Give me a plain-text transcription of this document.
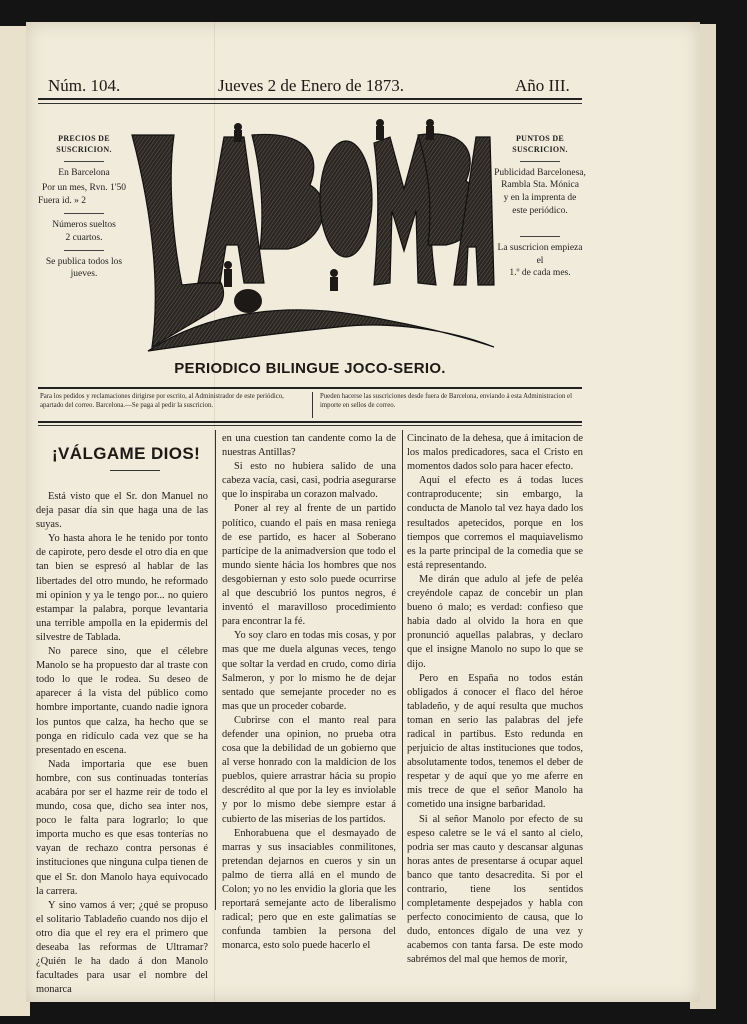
Núm. 104.	Jueves 2 de Enero de 1873.	Año III.
PRECIOS DE SUSCRICION.
En Barcelona
Por un mes, Rvn. 1'50
Fuera id. » 2
Números sueltos
2 cuartos.
Se publica todos los
jueves.
PUNTOS DE SUSCRICION.
Publicidad Barcelonesa,
Rambla Sta. Mónica
y en la imprenta de
este periódico.
La suscricion empieza el
1.º de cada mes.
PERIODICO BILINGUE JOCO-SERIO.
Para los pedidos y reclamaciones dirigirse por escrito, al Administrador de este periódico, apartado del correo. Barcelona.—Se paga al pedir la suscricion.
Pueden hacerse las suscriciones desde fuera de Barcelona, enviando á esta Administracion el importe en sellos de correo.
¡VÁLGAME DIOS!

Está visto que el Sr. don Manuel no deja pasar día sin que haga una de las suyas.

Yo hasta ahora le he tenido por tonto de capirote, pero desde el otro dia en que tan bien se espresó al hablar de las libertades del otro mundo, he reformado mi opinion y ya le tengo por... no quiero estampar la palabra, porque levantaria una terrible ampolla en la epidermis del silvestre de Tablada.

No parece sino, que el célebre Manolo se ha propuesto dar al traste con todo lo que le rodea. Su deseo de aparecer á la vista del público como hombre importante, cuando nadie ignora los puntos que calza, ha hecho que se ponga en ridículo cada vez que se ha presentado en escena.

Nada importaria que ese buen hombre, con sus continuadas tonterías acabára por ser el hazme reir de todo el mundo, cosa que, dicho sea inter nos, poco le falta para lograrlo; lo que importa mucho es que esas tonterías no vayan de rechazo contra personas é instituciones que ninguna culpa tienen de que el Sr. don Manolo haya equivocado la carrera.

Y sino vamos á ver; ¿qué se propuso el solitario Tabladeño cuando nos dijo el otro dia que el rey era el primero que deseaba las reformas de Ultramar? ¿Quién le ha dado á don Manolo facultades para usar el nombre del monarca

en una cuestion tan candente como la de nuestras Antillas?

Si esto no hubiera salido de una cabeza vacía, casi, casi, podria asegurarse que lo inspiraba un corazon malvado.

Poner al rey al frente de un partido político, cuando el país en masa reniega de ese partido, es hacer al Soberano partícipe de la animadversion que todo el mundo siente hácia los hombres que nos desgobiernan y esto solo puede ocurrirse al que descubrió los puntos negros, é inventó el maravilloso procedimiento para encontrar la fé.

Yo soy claro en todas mis cosas, y por mas que me duela algunas veces, tengo que soltar la verdad en crudo, como diria Salmeron, y por lo mismo he de dejar sentado que semejante proceder no es mas que un proceder cobarde.

Cubrirse con el manto real para defender una opinion, no prueba otra cosa que la debilidad de un gobierno que al verse honrado con la maldicion de los pueblos, quiere arrastrar hácia su propio descrédito al que por la ley es inviolable y por lo mismo debe siempre estar á cubierto de las miserias de los partidos.

Enhorabuena que el desmayado de marras y sus insaciables conmilitones, pretendan dejarnos en cueros y sin un palmo de tierra allá en el mundo de Colon; yo no les envidio la gloria que les reportará semejante acto de liberalismo radical; pero que en este galimatías se confunda tambien la persona del monarca, esto solo puede hacerlo el

Cincinato de la dehesa, que á imitacion de los malos predicadores, saca el Cristo en momentos dados solo para hacer efecto.

Aquí el efecto es á todas luces contraproducente; sin embargo, la conducta de Manolo tal vez haya dado los resultados apetecidos, porque en los tiempos que corremos el maquiavelismo es la parte principal de la comedia que se está representando.

Me dirán que adulo al jefe de peléa creyéndole capaz de concebir un plan bueno ó malo; es verdad: confieso que habia dado al olvido la hora en que pronunció aquellas palabras, y declaro que el insigne Manolo no supo lo que se dijo.

Pero en España no todos están obligados á conocer el flaco del héroe tabladeño, y de aquí resulta que muchos toman en serio las palabras del jefe radical in partibus. Esto redunda en perjuicio de altas instituciones que todos, absolutamente todos, tenemos el deber de respetar y de aquí que yo me aferre en mis trece de que el señor Manolo ha cometido una insigne barbaridad.

Si al señor Manolo por efecto de su espeso caletre se le vá el santo al cielo, podria ser mas cauto y descansar algunas horas antes de presentarse á ocupar aquel banco que tanto desacredita. Si por el contrario, tiene los sentidos completamente despejados y habla con perfecto conocimiento de causa, que lo dudo, entonces dígalo de una vez y acabemos con tanta farsa. De este modo sabrémos del mal que hemos de morir,
